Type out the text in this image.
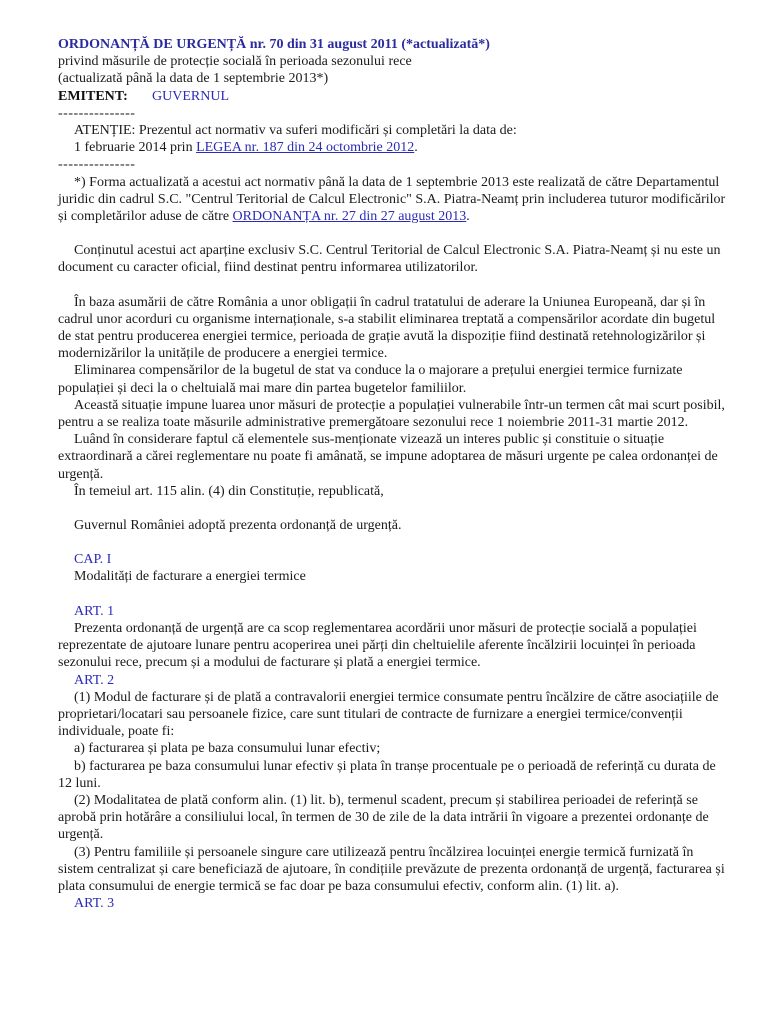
ORDONANȚĂ DE URGENȚĂ nr. 70 din 31 august 2011 (*actualizată*)

privind măsurile de protecție socială în perioada sezonului rece

(actualizată până la data de 1 septembrie 2013*)

EMITENT: GUVERNUL

---------------

ATENȚIE: Prezentul act normativ va suferi modificări și completări la data de:

1 februarie 2014 prin LEGEA nr. 187 din 24 octombrie 2012.

---------------

*) Forma actualizată a acestui act normativ până la data de 1 septembrie 2013 este realizată de către Departamentul juridic din cadrul S.C. "Centrul Teritorial de Calcul Electronic" S.A. Piatra-Neamț prin includerea tuturor modificărilor și completărilor aduse de către ORDONANȚA nr. 27 din 27 august 2013.

Conținutul acestui act aparține exclusiv S.C. Centrul Teritorial de Calcul Electronic S.A. Piatra-Neamț și nu este un document cu caracter oficial, fiind destinat pentru informarea utilizatorilor.

În baza asumării de către România a unor obligații în cadrul tratatului de aderare la Uniunea Europeană, dar și în cadrul unor acorduri cu organisme internaționale, s-a stabilit eliminarea treptată a compensărilor acordate din bugetul de stat pentru producerea energiei termice, perioada de grație avută la dispoziție fiind destinată retehnologizărilor și modernizărilor la unitățile de producere a energiei termice.

Eliminarea compensărilor de la bugetul de stat va conduce la o majorare a prețului energiei termice furnizate populației și deci la o cheltuială mai mare din partea bugetelor familiilor.

Această situație impune luarea unor măsuri de protecție a populației vulnerabile într-un termen cât mai scurt posibil, pentru a se realiza toate măsurile administrative premergătoare sezonului rece 1 noiembrie 2011-31 martie 2012.

Luând în considerare faptul că elementele sus-menționate vizează un interes public și constituie o situație extraordinară a cărei reglementare nu poate fi amânată, se impune adoptarea de măsuri urgente pe calea ordonanței de urgență.

În temeiul art. 115 alin. (4) din Constituție, republicată,

Guvernul României adoptă prezenta ordonanță de urgență.

CAP. I

Modalități de facturare a energiei termice

ART. 1

Prezenta ordonanță de urgență are ca scop reglementarea acordării unor măsuri de protecție socială a populației reprezentate de ajutoare lunare pentru acoperirea unei părți din cheltuielile aferente încălzirii locuinței în perioada sezonului rece, precum și a modului de facturare și plată a energiei termice.

ART. 2

(1) Modul de facturare și de plată a contravalorii energiei termice consumate pentru încălzire de către asociațiile de proprietari/locatari sau persoanele fizice, care sunt titulari de contracte de furnizare a energiei termice/convenții individuale, poate fi:

a) facturarea și plata pe baza consumului lunar efectiv;

b) facturarea pe baza consumului lunar efectiv și plata în tranșe procentuale pe o perioadă de referință cu durata de 12 luni.

(2) Modalitatea de plată conform alin. (1) lit. b), termenul scadent, precum și stabilirea perioadei de referință se aprobă prin hotărâre a consiliului local, în termen de 30 de zile de la data intrării în vigoare a prezentei ordonanțe de urgență.

(3) Pentru familiile și persoanele singure care utilizează pentru încălzirea locuinței energie termică furnizată în sistem centralizat și care beneficiază de ajutoare, în condițiile prevăzute de prezenta ordonanță de urgență, facturarea și plata consumului de energie termică se fac doar pe baza consumului efectiv, conform alin. (1) lit. a).

ART. 3
